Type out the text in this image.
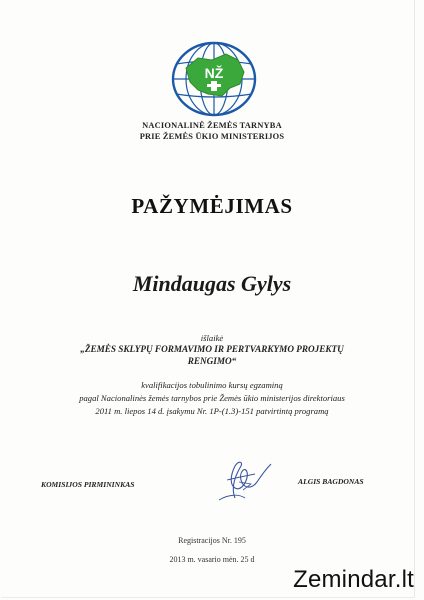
NŽ
NACIONALINĖ ŽEMĖS TARNYBA
PRIE ŽEMĖS ŪKIO MINISTERIJOS
PAŽYMĖJIMAS
Mindaugas Gylys
išlaikė
„ŽEMĖS SKLYPŲ FORMAVIMO IR PERTVARKYMO PROJEKTŲ
RENGIMO“
kvalifikacijos tobulinimo kursų egzaminą
pagal Nacionalinės žemės tarnybos prie Žemės ūkio ministerijos direktoriaus
2011 m. liepos 14 d. įsakymu Nr. 1P-(1.3)-151 patvirtintą programą
KOMISIJOS PIRMININKAS	ALGIS BAGDONAS
Registracijos Nr. 195
2013 m. vasario mėn. 25 d
Zemindar.lt
